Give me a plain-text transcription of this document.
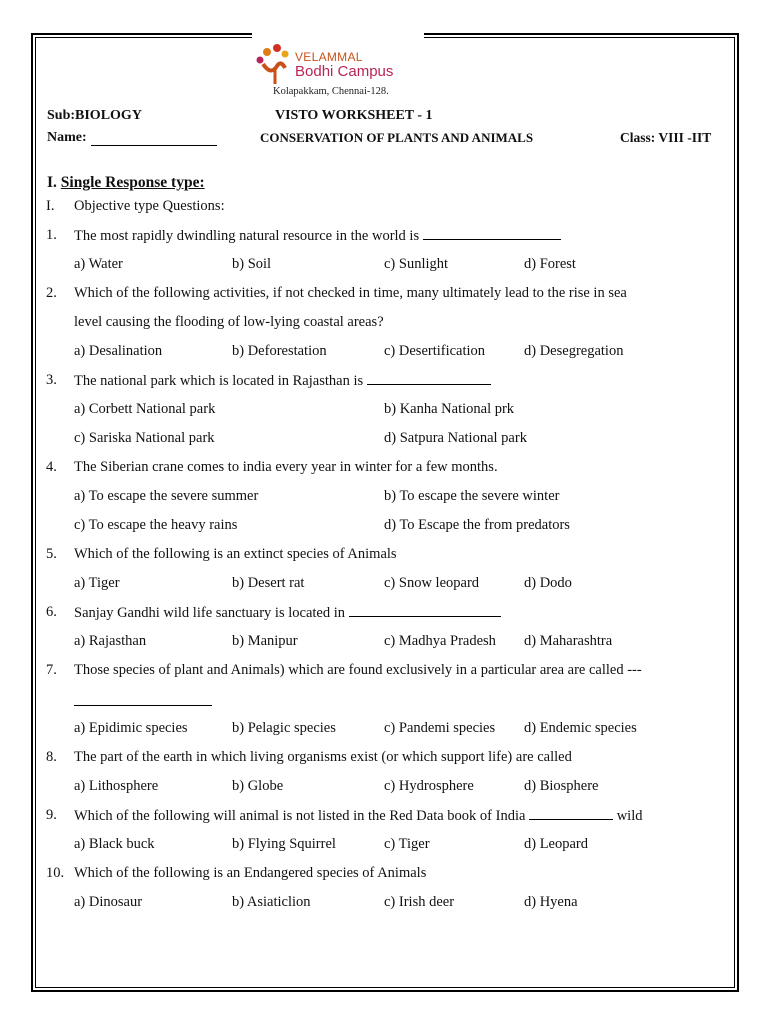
VELAMMAL
Bodhi Campus
Kolapakkam, Chennai-128.
Sub:BIOLOGY
Name:
VISTO WORKSHEET - 1
CONSERVATION OF PLANTS AND ANIMALS	Class: VIII -IIT
I. Single Response type:
I. Objective type Questions:
1. The most rapidly dwindling natural resource in the world is
a) Water	b) Soil	c) Sunlight	d) Forest
2. Which of the following activities, if not checked in time, many ultimately lead to the rise in sea
level causing the flooding of low-lying coastal areas?
a) Desalination	b) Deforestation	c) Desertification	d) Desegregation
3. The national park which is located in Rajasthan is
a) Corbett National park	b) Kanha National prk
c) Sariska National park	d) Satpura National park
4. The Siberian crane comes to india every year in winter for a few months.
a) To escape the severe summer	b) To escape the severe winter
c) To escape the heavy rains	d) To Escape the from predators
5. Which of the following is an extinct species of Animals
a) Tiger	b) Desert rat	c) Snow leopard	d) Dodo
6. Sanjay Gandhi wild life sanctuary is located in
a) Rajasthan	b) Manipur	c) Madhya Pradesh d) Maharashtra
7. Those species of plant and Animals) which are found exclusively in a particular area are called ---
a) Epidimic species	b) Pelagic species	c) Pandemi species d) Endemic species
8. The part of the earth in which living organisms exist (or which support life) are called
a) Lithosphere	b) Globe	c) Hydrosphere	d) Biosphere
9. Which of the following will animal is not listed in the Red Data book of India	wild
a) Black buck	b) Flying Squirrel	c) Tiger	d) Leopard
10. Which of the following is an Endangered species of Animals
a) Dinosaur	b) Asiaticlion	c) Irish deer	d) Hyena
